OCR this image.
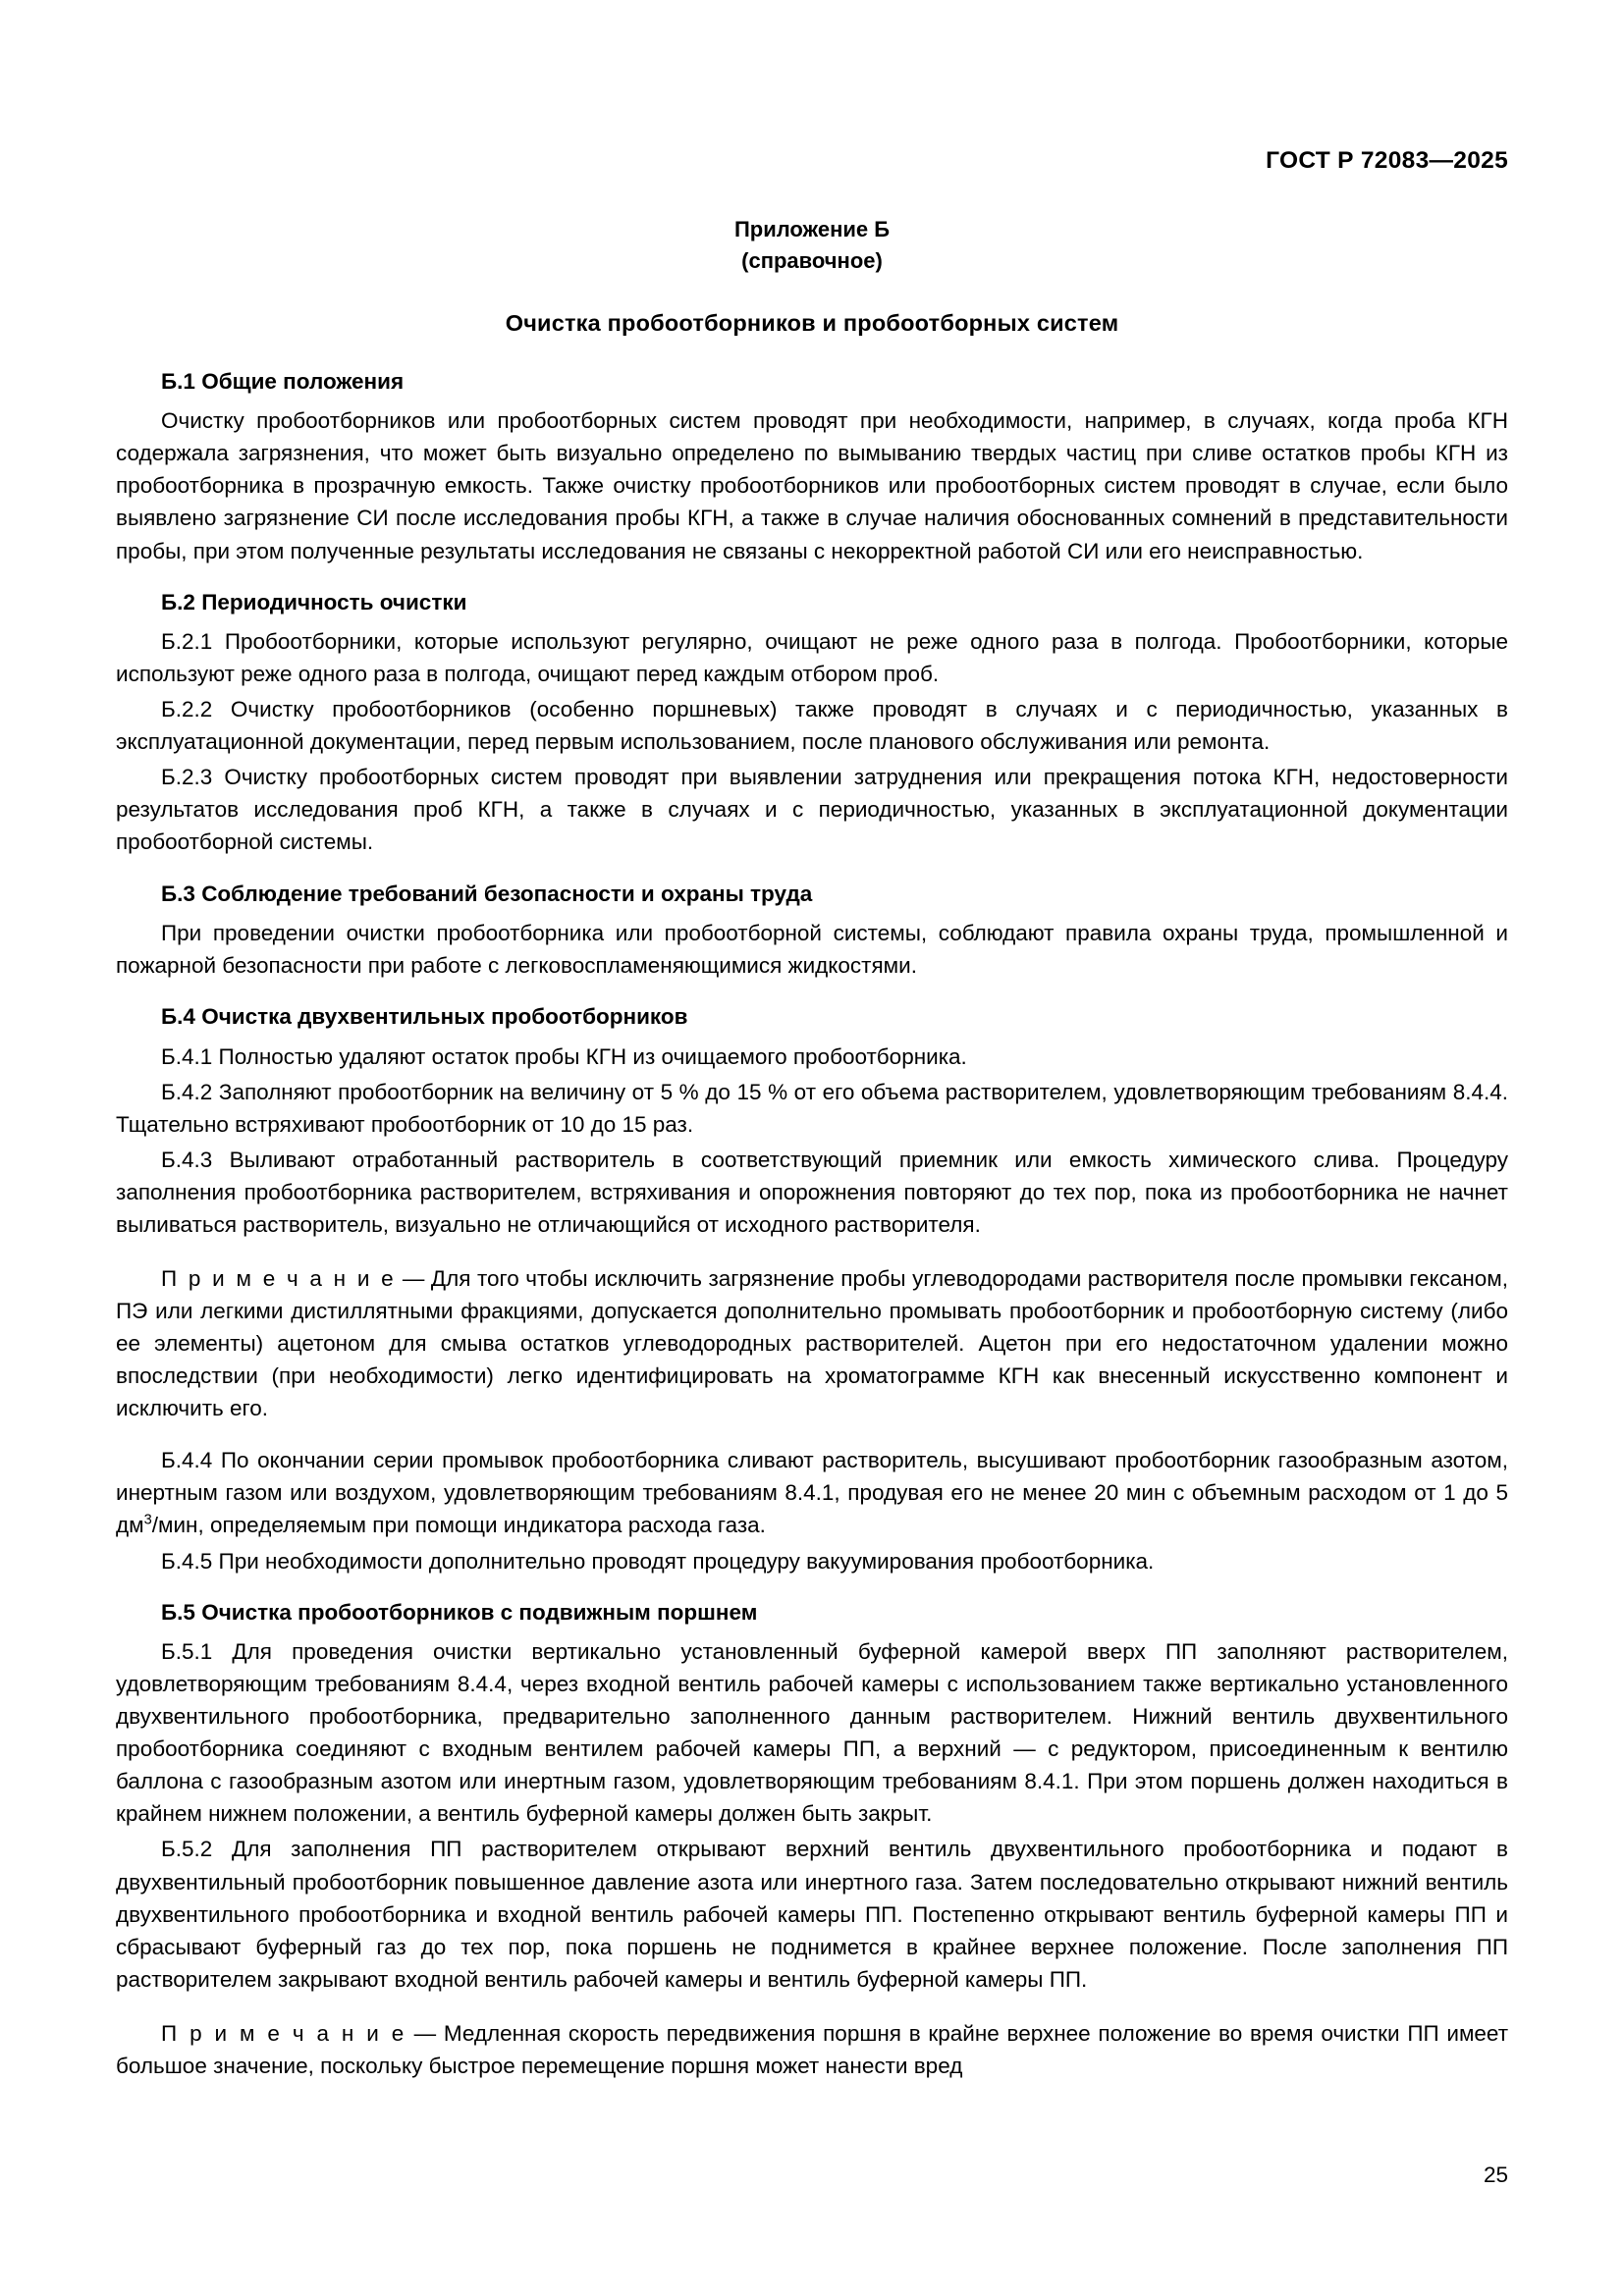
ГОСТ Р 72083—2025

Приложение Б

(справочное)

Очистка пробоотборников и пробоотборных систем

Б.1 Общие положения

Очистку пробоотборников или пробоотборных систем проводят при необходимости, например, в случаях, когда проба КГН содержала загрязнения, что может быть визуально определено по вымыванию твердых частиц при сливе остатков пробы КГН из пробоотборника в прозрачную емкость. Также очистку пробоотборников или пробоотборных систем проводят в случае, если было выявлено загрязнение СИ после исследования пробы КГН, а также в случае наличия обоснованных сомнений в представительности пробы, при этом полученные результаты исследования не связаны с некорректной работой СИ или его неисправностью.

Б.2 Периодичность очистки

Б.2.1 Пробоотборники, которые используют регулярно, очищают не реже одного раза в полгода. Пробоотборники, которые используют реже одного раза в полгода, очищают перед каждым отбором проб.

Б.2.2 Очистку пробоотборников (особенно поршневых) также проводят в случаях и с периодичностью, указанных в эксплуатационной документации, перед первым использованием, после планового обслуживания или ремонта.

Б.2.3 Очистку пробоотборных систем проводят при выявлении затруднения или прекращения потока КГН, недостоверности результатов исследования проб КГН, а также в случаях и с периодичностью, указанных в эксплуатационной документации пробоотборной системы.

Б.3 Соблюдение требований безопасности и охраны труда

При проведении очистки пробоотборника или пробоотборной системы, соблюдают правила охраны труда, промышленной и пожарной безопасности при работе с легковоспламеняющимися жидкостями.

Б.4 Очистка двухвентильных пробоотборников

Б.4.1 Полностью удаляют остаток пробы КГН из очищаемого пробоотборника.

Б.4.2 Заполняют пробоотборник на величину от 5 % до 15 % от его объема растворителем, удовлетворяющим требованиям 8.4.4. Тщательно встряхивают пробоотборник от 10 до 15 раз.

Б.4.3 Выливают отработанный растворитель в соответствующий приемник или емкость химического слива. Процедуру заполнения пробоотборника растворителем, встряхивания и опорожнения повторяют до тех пор, пока из пробоотборника не начнет выливаться растворитель, визуально не отличающийся от исходного растворителя.

П р и м е ч а н и е — Для того чтобы исключить загрязнение пробы углеводородами растворителя после промывки гексаном, ПЭ или легкими дистиллятными фракциями, допускается дополнительно промывать пробоотборник и пробоотборную систему (либо ее элементы) ацетоном для смыва остатков углеводородных растворителей. Ацетон при его недостаточном удалении можно впоследствии (при необходимости) легко идентифицировать на хроматограмме КГН как внесенный искусственно компонент и исключить его.

Б.4.4 По окончании серии промывок пробоотборника сливают растворитель, высушивают пробоотборник газообразным азотом, инертным газом или воздухом, удовлетворяющим требованиям 8.4.1, продувая его не менее 20 мин с объемным расходом от 1 до 5 $дм^3$/мин, определяемым при помощи индикатора расхода газа.

Б.4.5 При необходимости дополнительно проводят процедуру вакуумирования пробоотборника.

Б.5 Очистка пробоотборников с подвижным поршнем

Б.5.1 Для проведения очистки вертикально установленный буферной камерой вверх ПП заполняют растворителем, удовлетворяющим требованиям 8.4.4, через входной вентиль рабочей камеры с использованием также вертикально установленного двухвентильного пробоотборника, предварительно заполненного данным растворителем. Нижний вентиль двухвентильного пробоотборника соединяют с входным вентилем рабочей камеры ПП, а верхний — с редуктором, присоединенным к вентилю баллона с газообразным азотом или инертным газом, удовлетворяющим требованиям 8.4.1. При этом поршень должен находиться в крайнем нижнем положении, а вентиль буферной камеры должен быть закрыт.

Б.5.2 Для заполнения ПП растворителем открывают верхний вентиль двухвентильного пробоотборника и подают в двухвентильный пробоотборник повышенное давление азота или инертного газа. Затем последовательно открывают нижний вентиль двухвентильного пробоотборника и входной вентиль рабочей камеры ПП. Постепенно открывают вентиль буферной камеры ПП и сбрасывают буферный газ до тех пор, пока поршень не поднимется в крайнее верхнее положение. После заполнения ПП растворителем закрывают входной вентиль рабочей камеры и вентиль буферной камеры ПП.

П р и м е ч а н и е — Медленная скорость передвижения поршня в крайне верхнее положение во время очистки ПП имеет большое значение, поскольку быстрое перемещение поршня может нанести вред

25
